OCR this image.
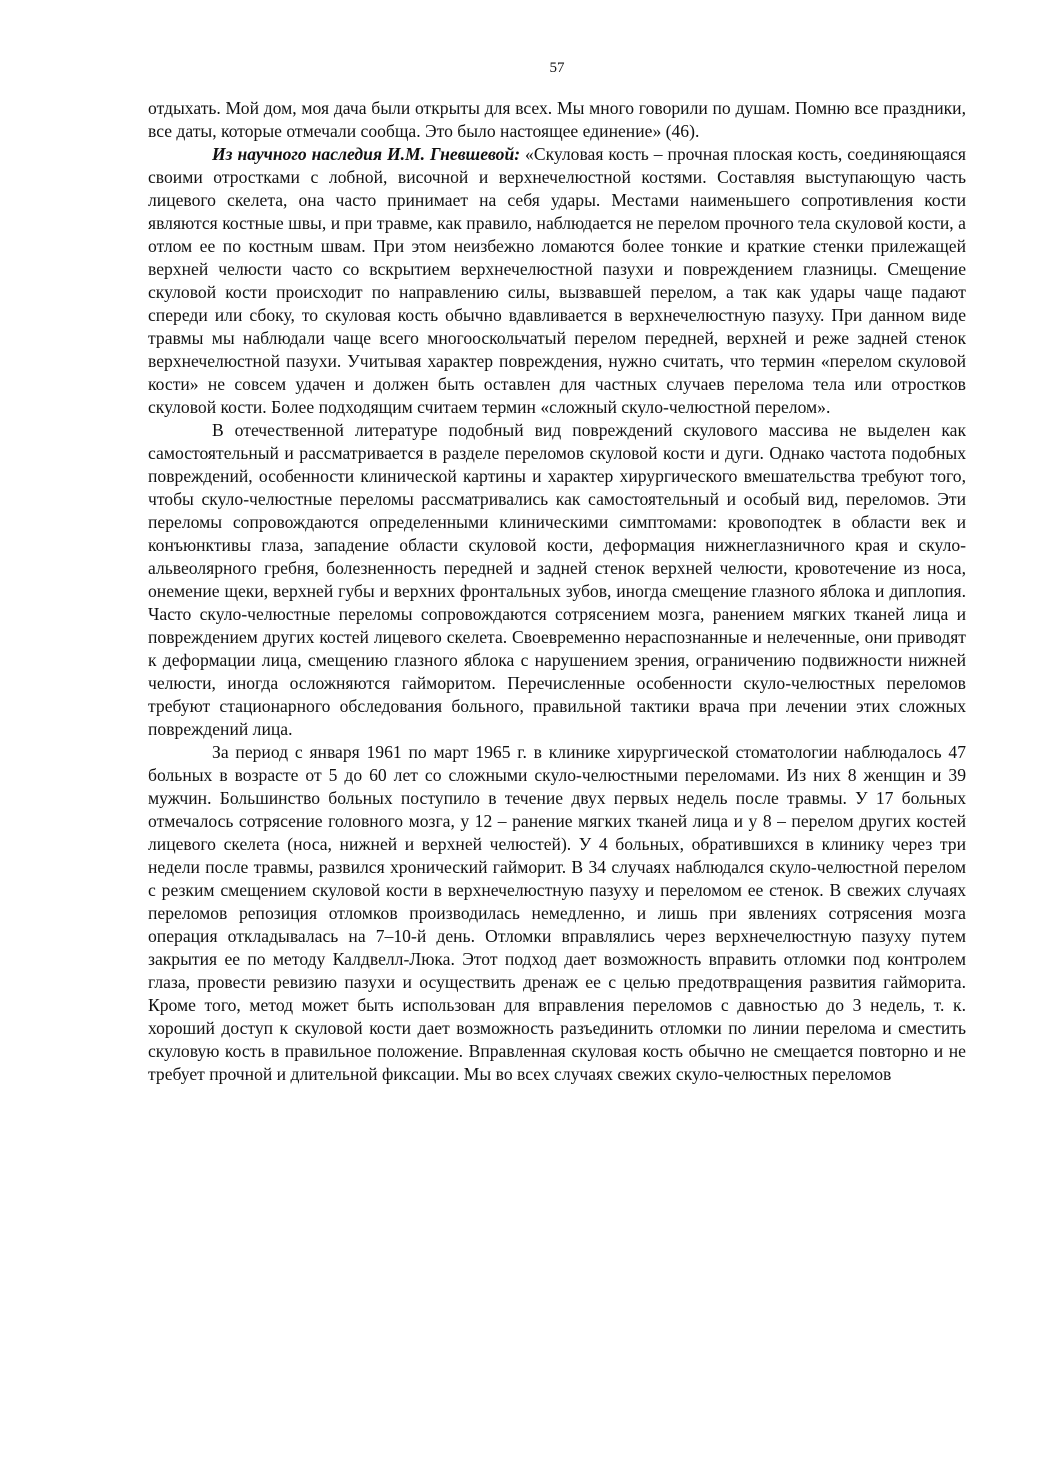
57

отдыхать. Мой дом, моя дача были открыты для всех. Мы много говорили по душам. Помню все праздники, все даты, которые отмечали сообща. Это было настоящее единение» (46).

Из научного наследия И.М. Гневшевой: «Скуловая кость – прочная плоская кость, соединяющаяся своими отростками с лобной, височной и верхнечелюстной костями. Составляя выступающую часть лицевого скелета, она часто принимает на себя удары. Местами наименьшего сопротивления кости являются костные швы, и при травме, как правило, наблюдается не перелом прочного тела скуловой кости, а отлом ее по костным швам. При этом неизбежно ломаются более тонкие и краткие стенки прилежащей верхней челюсти часто со вскрытием верхнечелюстной пазухи и повреждением глазницы. Смещение скуловой кости происходит по направлению силы, вызвавшей перелом, а так как удары чаще падают спереди или сбоку, то скуловая кость обычно вдавливается в верхнечелюстную пазуху. При данном виде травмы мы наблюдали чаще всего многооскольчатый перелом передней, верхней и реже задней стенок верхнечелюстной пазухи. Учитывая характер повреждения, нужно считать, что термин «перелом скуловой кости» не совсем удачен и должен быть оставлен для частных случаев перелома тела или отростков скуловой кости. Более подходящим считаем термин «сложный скуло-челюстной перелом».

В отечественной литературе подобный вид повреждений скулового массива не выделен как самостоятельный и рассматривается в разделе переломов скуловой кости и дуги. Однако частота подобных повреждений, особенности клинической картины и характер хирургического вмешательства требуют того, чтобы скуло-челюстные переломы рассматривались как самостоятельный и особый вид, переломов. Эти переломы сопровождаются определенными клиническими симптомами: кровоподтек в области век и конъюнктивы глаза, западение области скуловой кости, деформация нижнеглазничного края и скуло-альвеолярного гребня, болезненность передней и задней стенок верхней челюсти, кровотечение из носа, онемение щеки, верхней губы и верхних фронтальных зубов, иногда смещение глазного яблока и диплопия. Часто скуло-челюстные переломы сопровождаются сотрясением мозга, ранением мягких тканей лица и повреждением других костей лицевого скелета. Своевременно нераспознанные и нелеченные, они приводят к деформации лица, смещению глазного яблока с нарушением зрения, ограничению подвижности нижней челюсти, иногда осложняются гайморитом. Перечисленные особенности скуло-челюстных переломов требуют стационарного обследования больного, правильной тактики врача при лечении этих сложных повреждений лица.

За период с января 1961 по март 1965 г. в клинике хирургической стоматологии наблюдалось 47 больных в возрасте от 5 до 60 лет со сложными скуло-челюстными переломами. Из них 8 женщин и 39 мужчин. Большинство больных поступило в течение двух первых недель после травмы. У 17 больных отмечалось сотрясение головного мозга, у 12 – ранение мягких тканей лица и у 8 – перелом других костей лицевого скелета (носа, нижней и верхней челюстей). У 4 больных, обратившихся в клинику через три недели после травмы, развился хронический гайморит. В 34 случаях наблюдался скуло-челюстной перелом с резким смещением скуловой кости в верхнечелюстную пазуху и переломом ее стенок. В свежих случаях переломов репозиция отломков производилась немедленно, и лишь при явлениях сотрясения мозга операция откладывалась на 7–10-й день. Отломки вправлялись через верхнечелюстную пазуху путем закрытия ее по методу Калдвелл-Люка. Этот подход дает возможность вправить отломки под контролем глаза, провести ревизию пазухи и осуществить дренаж ее с целью предотвращения развития гайморита. Кроме того, метод может быть использован для вправления переломов с давностью до 3 недель, т. к. хороший доступ к скуловой кости дает возможность разъединить отломки по линии перелома и сместить скуловую кость в правильное положение. Вправленная скуловая кость обычно не смещается повторно и не требует прочной и длительной фиксации. Мы во всех случаях свежих скуло-челюстных переломов
